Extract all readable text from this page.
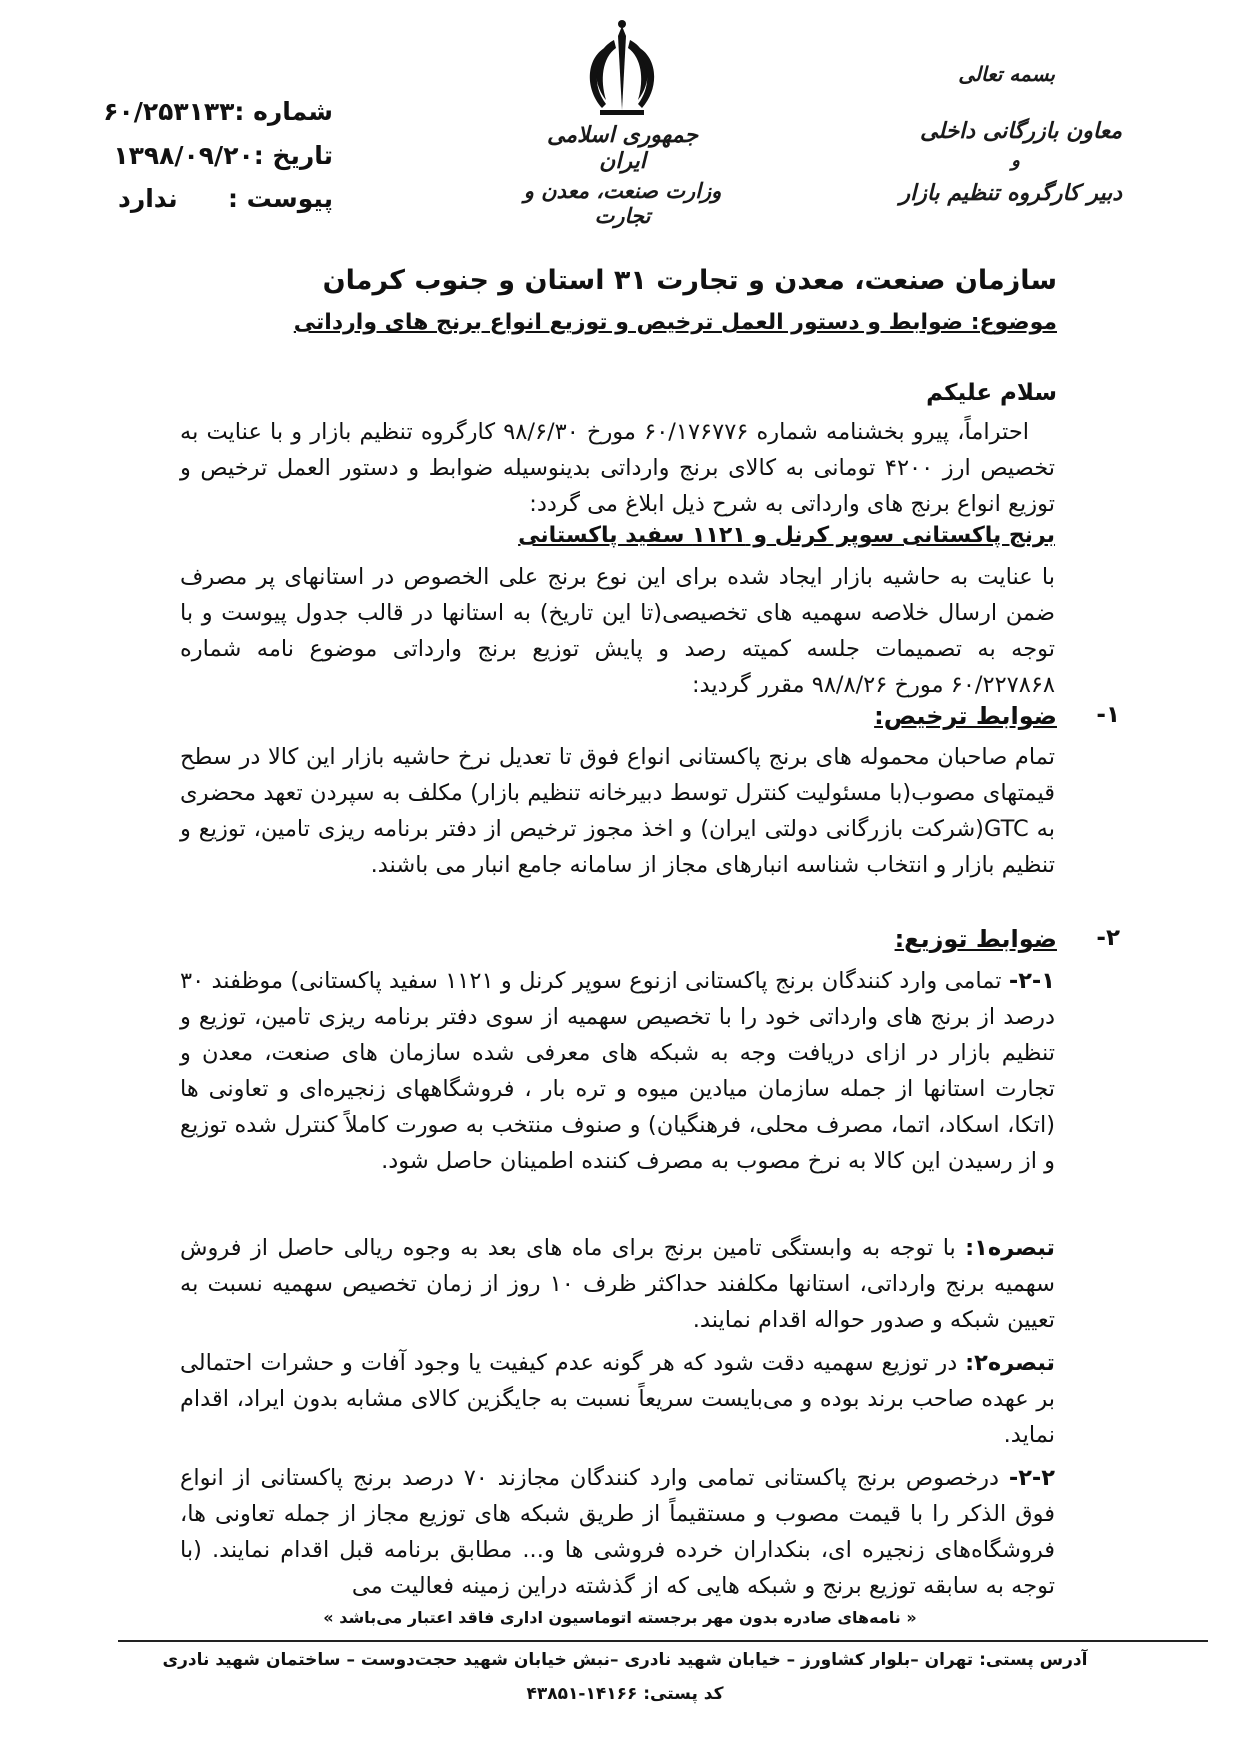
بسمه تعالی
معاون بازرگانی داخلی
و
دبیر کارگروه تنظیم بازار
جمهوری اسلامی ایران
وزارت صنعت، معدن و تجارت
شماره :
۶۰/۲۵۳۱۳۳
تاریخ :
۱۳۹۸/۰۹/۲۰
پیوست :
ندارد
سازمان صنعت، معدن و تجارت ۳۱ استان و جنوب کرمان
موضوع: ضوابط و دستور العمل ترخیص و توزیع انواع برنج های وارداتی
سلام علیکم
احتراماً، پیرو بخشنامه شماره ۶۰/۱۷۶۷۷۶ مورخ ۹۸/۶/۳۰ کارگروه تنظیم بازار و با عنایت به تخصیص ارز ۴۲۰۰ تومانی به کالای برنج وارداتی بدینوسیله ضوابط و دستور العمل ترخیص و توزیع انواع برنج های وارداتی به شرح ذیل ابلاغ می گردد:
برنج پاکستانی سوپر کرنل و ۱۱۲۱ سفید پاکستانی
با عنایت به حاشیه بازار ایجاد شده برای این نوع برنج علی الخصوص در استانهای پر مصرف ضمن ارسال خلاصه سهمیه های تخصیصی(تا این تاریخ) به استانها در قالب جدول پیوست و با توجه به تصمیمات جلسه کمیته رصد و پایش توزیع برنج وارداتی موضوع نامه شماره ۶۰/۲۲۷۸۶۸ مورخ ۹۸/۸/۲۶ مقرر گردید:
۱-
ضوابط ترخیص:
تمام صاحبان محموله های برنج پاکستانی انواع فوق تا تعدیل نرخ حاشیه بازار این کالا در سطح قیمتهای مصوب(با مسئولیت کنترل توسط دبیرخانه تنظیم بازار) مکلف به سپردن تعهد محضری به GTC(شرکت بازرگانی دولتی ایران) و اخذ مجوز ترخیص از دفتر برنامه ریزی تامین، توزیع و تنظیم بازار و انتخاب شناسه انبارهای مجاز از سامانه جامع انبار می باشند.
۲-
ضوابط توزیع:
۲-۱- تمامی وارد کنندگان برنج پاکستانی ازنوع سوپر کرنل و ۱۱۲۱ سفید پاکستانی) موظفند ۳۰ درصد از برنج های وارداتی خود را با تخصیص سهمیه از سوی دفتر برنامه ریزی تامین، توزیع و تنظیم بازار در ازای دریافت وجه به شبکه های معرفی شده سازمان های صنعت، معدن و تجارت استانها از جمله سازمان میادین میوه و تره بار ، فروشگاههای زنجیره‌ای و تعاونی ها (اتکا، اسکاد، اتما، مصرف محلی، فرهنگیان) و صنوف منتخب به صورت کاملاً کنترل شده توزیع و از رسیدن این کالا به نرخ مصوب به مصرف کننده اطمینان حاصل شود.
تبصره۱: با توجه به وابستگی تامین برنج برای ماه های بعد به وجوه ریالی حاصل از فروش سهمیه برنج وارداتی، استانها مکلفند حداکثر ظرف ۱۰ روز از زمان تخصیص سهمیه نسبت به تعیین شبکه و صدور حواله اقدام نمایند.
تبصره۲: در توزیع سهمیه دقت شود که هر گونه عدم کیفیت یا وجود آفات و حشرات احتمالی بر عهده صاحب برند بوده و می‌بایست سریعاً نسبت به جایگزین کالای مشابه بدون ایراد، اقدام نماید.
۲-۲- درخصوص برنج پاکستانی تمامی وارد کنندگان مجازند ۷۰ درصد برنج پاکستانی از انواع فوق الذکر را با قیمت مصوب و مستقیماً از طریق شبکه های توزیع مجاز از جمله تعاونی ها، فروشگاه‌های زنجیره ای، بنکداران خرده فروشی ها و... مطابق برنامه قبل اقدام نمایند. (با توجه به سابقه توزیع برنج و شبکه هایی که از گذشته دراین زمینه فعالیت می
« نامه‌های صادره بدون مهر برجسته اتوماسیون اداری فاقد اعتبار می‌باشد »
آدرس پستی: تهران –بلوار کشاورز – خیابان شهید نادری –نبش خیابان شهید حجت‌دوست – ساختمان شهید نادری
کد پستی: ۱۴۱۶۶-۴۳۸۵۱
